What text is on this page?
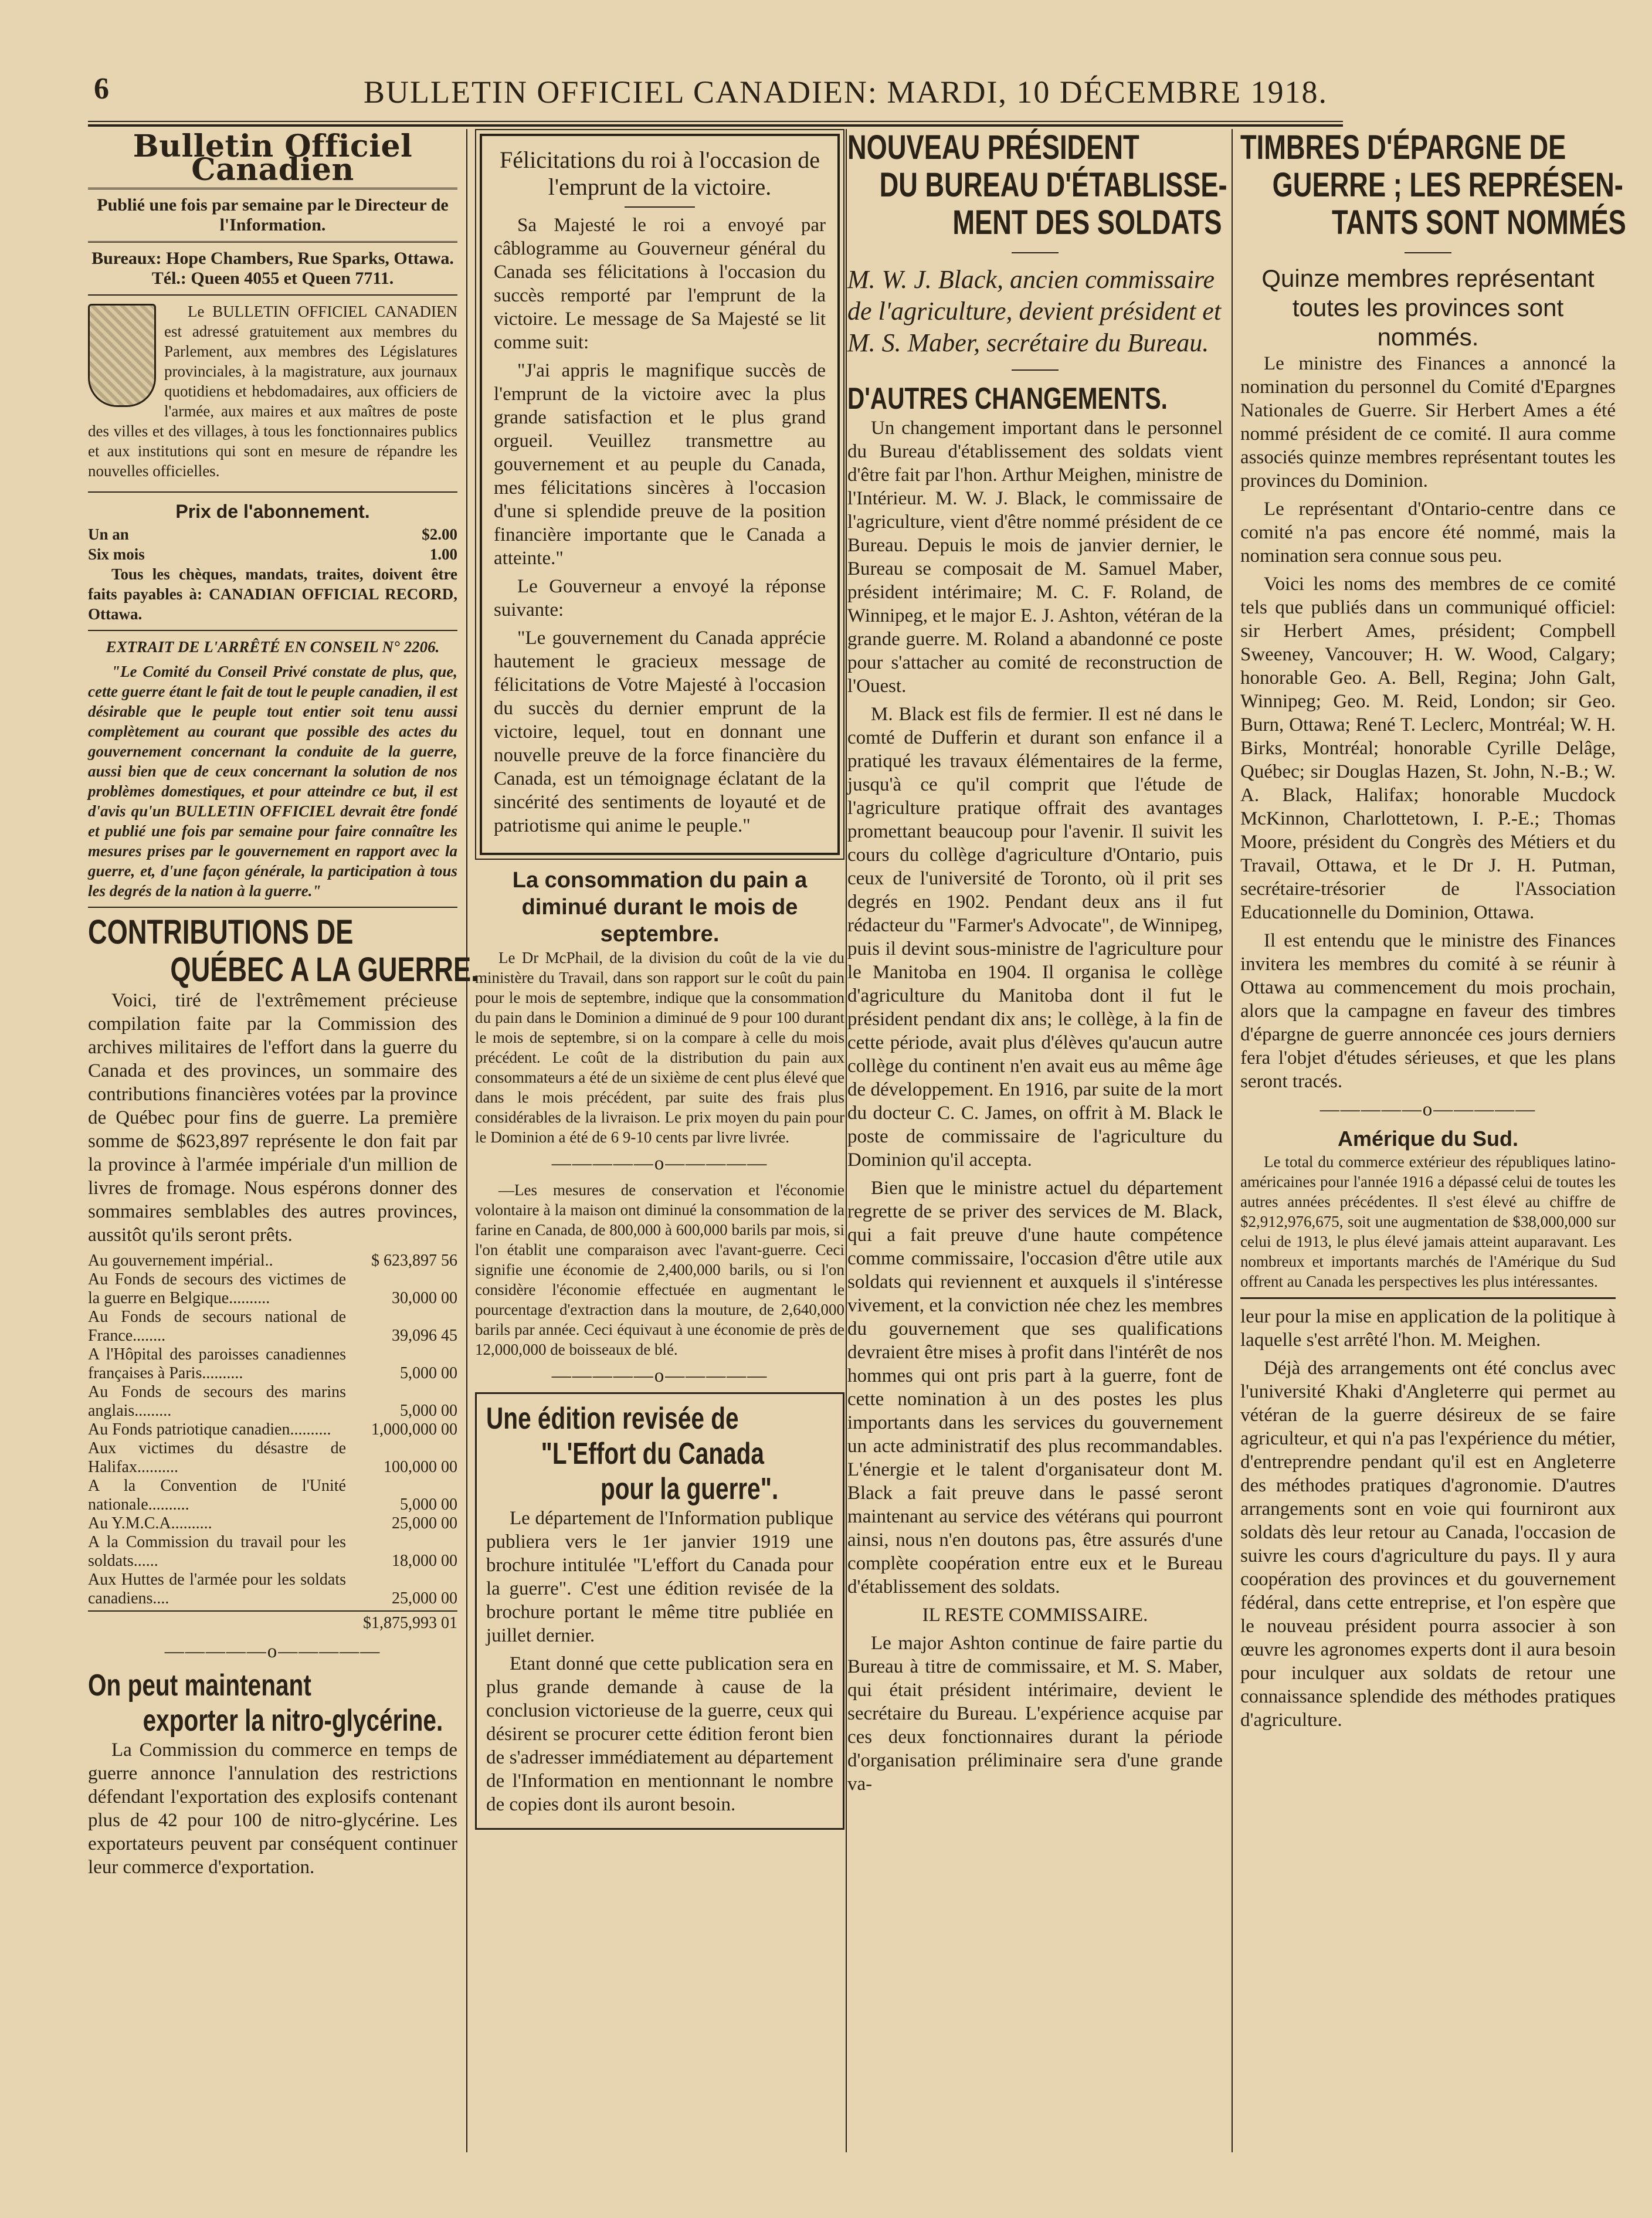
6	BULLETIN OFFICIEL CANADIEN: MARDI, 10 DÉCEMBRE 1918.
Bulletin Officiel Canadien

Publié une fois par semaine par le Directeur de l'Information.

Bureaux: Hope Chambers, Rue Sparks, Ottawa.

Tél.: Queen 4055 et Queen 7711.

Le BULLETIN OFFICIEL CANADIEN est adressé gratuitement aux membres du Parlement, aux membres des Législatures provinciales, à la magistrature, aux journaux quotidiens et hebdomadaires, aux officiers de l'armée, aux maires et aux maîtres de poste des villes et des villages, à tous les fonctionnaires publics et aux institutions qui sont en mesure de répandre les nouvelles officielles.

Prix de l'abonnement.
Un an	$2.00
Six mois	1.00

Tous les chèques, mandats, traites, doivent être faits payables à: CANADIAN OFFICIAL RECORD, Ottawa.

EXTRAIT DE L'ARRÊTÉ EN CONSEIL N° 2206.

"Le Comité du Conseil Privé constate de plus, que, cette guerre étant le fait de tout le peuple canadien, il est désirable que le peuple tout entier soit tenu aussi complètement au courant que possible des actes du gouvernement concernant la conduite de la guerre, aussi bien que de ceux concernant la solution de nos problèmes domestiques, et pour atteindre ce but, il est d'avis qu'un BULLETIN OFFICIEL devrait être fondé et publié une fois par semaine pour faire connaître les mesures prises par le gouvernement en rapport avec la guerre, et, d'une façon générale, la participation à tous les degrés de la nation à la guerre."

CONTRIBUTIONS DE
QUÉBEC A LA GUERRE.

Voici, tiré de l'extrêmement précieuse compilation faite par la Commission des archives militaires de l'effort dans la guerre du Canada et des provinces, un sommaire des contributions financières votées par la province de Québec pour fins de guerre. La première somme de $623,897 représente le don fait par la province à l'armée impériale d'un million de livres de fromage. Nous espérons donner des sommaires semblables des autres provinces, aussitôt qu'ils seront prêts.

Au gouvernement impérial..	$ 623,897 56
Au Fonds de secours des victimes de la guerre en Belgique..........	30,000 00
Au Fonds de secours national de France........	39,096 45
A l'Hôpital des paroisses canadiennes françaises à Paris..........	5,000 00
Au Fonds de secours des marins anglais.........	5,000 00
Au Fonds patriotique canadien..........	1,000,000 00
Aux victimes du désastre de Halifax..........	100,000 00
A la Convention de l'Unité nationale..........	5,000 00
Au Y.M.C.A..........	25,000 00
A la Commission du travail pour les soldats......	18,000 00
Aux Huttes de l'armée pour les soldats canadiens....	25,000 00
$1,875,993 01
—————o—————
On peut maintenant
exporter la nitro-glycérine.

La Commission du commerce en temps de guerre annonce l'annulation des restrictions défendant l'exportation des explosifs contenant plus de 42 pour 100 de nitro-glycérine. Les exportateurs peuvent par conséquent continuer leur commerce d'exportation.

Félicitations du roi à l'occasion de l'emprunt de la victoire.

Sa Majesté le roi a envoyé par câblogramme au Gouverneur général du Canada ses félicitations à l'occasion du succès remporté par l'emprunt de la victoire. Le message de Sa Majesté se lit comme suit:

"J'ai appris le magnifique succès de l'emprunt de la victoire avec la plus grande satisfaction et le plus grand orgueil. Veuillez transmettre au gouvernement et au peuple du Canada, mes félicitations sincères à l'occasion d'une si splendide preuve de la position financière importante que le Canada a atteinte."

Le Gouverneur a envoyé la réponse suivante:

"Le gouvernement du Canada apprécie hautement le gracieux message de félicitations de Votre Majesté à l'occasion du succès du dernier emprunt de la victoire, lequel, tout en donnant une nouvelle preuve de la force financière du Canada, est un témoignage éclatant de la sincérité des sentiments de loyauté et de patriotisme qui anime le peuple."

La consommation du pain a diminué durant le mois de septembre.

Le Dr McPhail, de la division du coût de la vie du ministère du Travail, dans son rapport sur le coût du pain pour le mois de septembre, indique que la consommation du pain dans le Dominion a diminué de 9 pour 100 durant le mois de septembre, si on la compare à celle du mois précédent. Le coût de la distribution du pain aux consommateurs a été de un sixième de cent plus élevé que dans le mois précédent, par suite des frais plus considérables de la livraison. Le prix moyen du pain pour le Dominion a été de 6 9-10 cents par livre livrée.

—————o—————

—Les mesures de conservation et l'économie volontaire à la maison ont diminué la consommation de la farine en Canada, de 800,000 à 600,000 barils par mois, si l'on établit une comparaison avec l'avant-guerre. Ceci signifie une économie de 2,400,000 barils, ou si l'on considère l'économie effectuée en augmentant le pourcentage d'extraction dans la mouture, de 2,640,000 barils par année. Ceci équivaut à une économie de près de 12,000,000 de boisseaux de blé.

—————o—————
Une édition revisée de
"L'Effort du Canada
pour la guerre".

Le département de l'Information publique publiera vers le 1er janvier 1919 une brochure intitulée "L'effort du Canada pour la guerre". C'est une édition revisée de la brochure portant le même titre publiée en juillet dernier.

Etant donné que cette publication sera en plus grande demande à cause de la conclusion victorieuse de la guerre, ceux qui désirent se procurer cette édition feront bien de s'adresser immédiatement au département de l'Information en mentionnant le nombre de copies dont ils auront besoin.

NOUVEAU PRÉSIDENT
DU BUREAU D'ÉTABLISSE-
MENT DES SOLDATS
M. W. J. Black, ancien commissaire de l'agriculture, devient président et M. S. Maber, secrétaire du Bureau.
D'AUTRES CHANGEMENTS.

Un changement important dans le personnel du Bureau d'établissement des soldats vient d'être fait par l'hon. Arthur Meighen, ministre de l'Intérieur. M. W. J. Black, le commissaire de l'agriculture, vient d'être nommé président de ce Bureau. Depuis le mois de janvier dernier, le Bureau se composait de M. Samuel Maber, président intérimaire; M. C. F. Roland, de Winnipeg, et le major E. J. Ashton, vétéran de la grande guerre. M. Roland a abandonné ce poste pour s'attacher au comité de reconstruction de l'Ouest.

M. Black est fils de fermier. Il est né dans le comté de Dufferin et durant son enfance il a pratiqué les travaux élémentaires de la ferme, jusqu'à ce qu'il comprit que l'étude de l'agriculture pratique offrait des avantages promettant beaucoup pour l'avenir. Il suivit les cours du collège d'agriculture d'Ontario, puis ceux de l'université de Toronto, où il prit ses degrés en 1902. Pendant deux ans il fut rédacteur du "Farmer's Advocate", de Winnipeg, puis il devint sous-ministre de l'agriculture pour le Manitoba en 1904. Il organisa le collège d'agriculture du Manitoba dont il fut le président pendant dix ans; le collège, à la fin de cette période, avait plus d'élèves qu'aucun autre collège du continent n'en avait eus au même âge de développement. En 1916, par suite de la mort du docteur C. C. James, on offrit à M. Black le poste de commissaire de l'agriculture du Dominion qu'il accepta.

Bien que le ministre actuel du département regrette de se priver des services de M. Black, qui a fait preuve d'une haute compétence comme commissaire, l'occasion d'être utile aux soldats qui reviennent et auxquels il s'intéresse vivement, et la conviction née chez les membres du gouvernement que ses qualifications devraient être mises à profit dans l'intérêt de nos hommes qui ont pris part à la guerre, font de cette nomination à un des postes les plus importants dans les services du gouvernement un acte administratif des plus recommandables. L'énergie et le talent d'organisateur dont M. Black a fait preuve dans le passé seront maintenant au service des vétérans qui pourront ainsi, nous n'en doutons pas, être assurés d'une complète coopération entre eux et le Bureau d'établissement des soldats.

IL RESTE COMMISSAIRE.

Le major Ashton continue de faire partie du Bureau à titre de commissaire, et M. S. Maber, qui était président intérimaire, devient le secrétaire du Bureau. L'expérience acquise par ces deux fonctionnaires durant la période d'organisation préliminaire sera d'une grande va-

TIMBRES D'ÉPARGNE DE
GUERRE ; LES REPRÉSEN-
TANTS SONT NOMMÉS
Quinze membres représentant toutes les provinces sont nommés.

Le ministre des Finances a annoncé la nomination du personnel du Comité d'Epargnes Nationales de Guerre. Sir Herbert Ames a été nommé président de ce comité. Il aura comme associés quinze membres représentant toutes les provinces du Dominion.

Le représentant d'Ontario-centre dans ce comité n'a pas encore été nommé, mais la nomination sera connue sous peu.

Voici les noms des membres de ce comité tels que publiés dans un communiqué officiel: sir Herbert Ames, président; Compbell Sweeney, Vancouver; H. W. Wood, Calgary; honorable Geo. A. Bell, Regina; John Galt, Winnipeg; Geo. M. Reid, London; sir Geo. Burn, Ottawa; René T. Leclerc, Montréal; W. H. Birks, Montréal; honorable Cyrille Delâge, Québec; sir Douglas Hazen, St. John, N.-B.; W. A. Black, Halifax; honorable Mucdock McKinnon, Charlottetown, I. P.-E.; Thomas Moore, président du Congrès des Métiers et du Travail, Ottawa, et le Dr J. H. Putman, secrétaire-trésorier de l'Association Educationnelle du Dominion, Ottawa.

Il est entendu que le ministre des Finances invitera les membres du comité à se réunir à Ottawa au commencement du mois prochain, alors que la campagne en faveur des timbres d'épargne de guerre annoncée ces jours derniers fera l'objet d'études sérieuses, et que les plans seront tracés.

—————o—————
Amérique du Sud.

Le total du commerce extérieur des républiques latino-américaines pour l'année 1916 a dépassé celui de toutes les autres années précédentes. Il s'est élevé au chiffre de $2,912,976,675, soit une augmentation de $38,000,000 sur celui de 1913, le plus élevé jamais atteint auparavant. Les nombreux et importants marchés de l'Amérique du Sud offrent au Canada les perspectives les plus intéressantes.

leur pour la mise en application de la politique à laquelle s'est arrêté l'hon. M. Meighen.

Déjà des arrangements ont été conclus avec l'université Khaki d'Angleterre qui permet au vétéran de la guerre désireux de se faire agriculteur, et qui n'a pas l'expérience du métier, d'entreprendre pendant qu'il est en Angleterre des méthodes pratiques d'agronomie. D'autres arrangements sont en voie qui fourniront aux soldats dès leur retour au Canada, l'occasion de suivre les cours d'agriculture du pays. Il y aura coopération des provinces et du gouvernement fédéral, dans cette entreprise, et l'on espère que le nouveau président pourra associer à son œuvre les agronomes experts dont il aura besoin pour inculquer aux soldats de retour une connaissance splendide des méthodes pratiques d'agriculture.
